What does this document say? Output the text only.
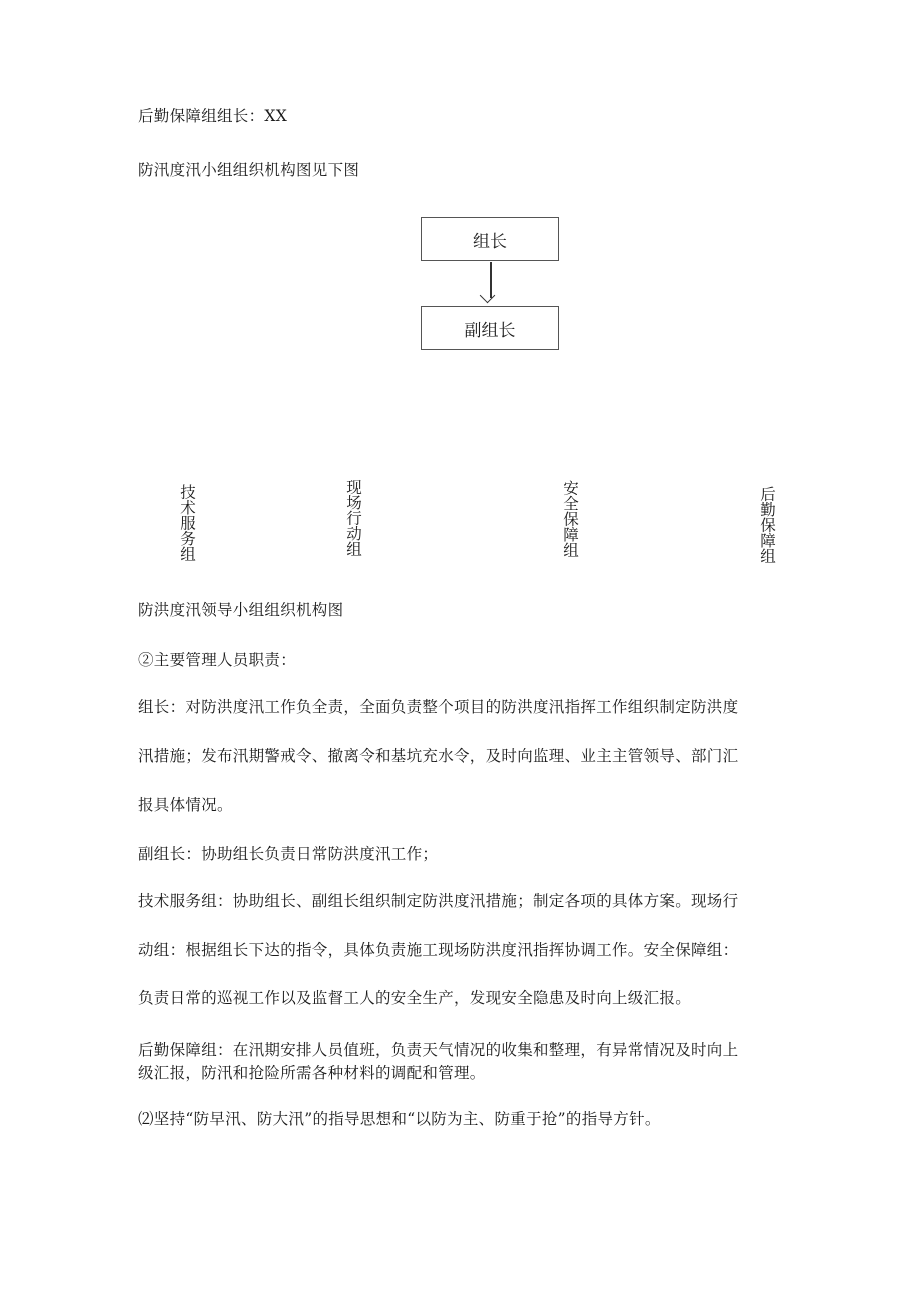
后勤保障组组长：XX
防汛度汛小组组织机构图见下图
组长
副组长
技术服务组	现场行动组	安全保障组	后勤保障组
防洪度汛领导小组组织机构图
②主要管理人员职责：
组长：对防洪度汛工作负全责，全面负责整个项目的防洪度汛指挥工作组织制定防洪度
汛措施；发布汛期警戒令、撤离令和基坑充水令，及时向监理、业主主管领导、部门汇
报具体情况。
副组长：协助组长负责日常防洪度汛工作；
技术服务组：协助组长、副组长组织制定防洪度汛措施；制定各项的具体方案。现场行
动组：根据组长下达的指令，具体负责施工现场防洪度汛指挥协调工作。安全保障组：
负责日常的巡视工作以及监督工人的安全生产，发现安全隐患及时向上级汇报。
后勤保障组：在汛期安排人员值班，负责天气情况的收集和整理，有异常情况及时向上
级汇报，防汛和抢险所需各种材料的调配和管理。
⑵坚持“防早汛、防大汛”的指导思想和“以防为主、防重于抢”的指导方针。
